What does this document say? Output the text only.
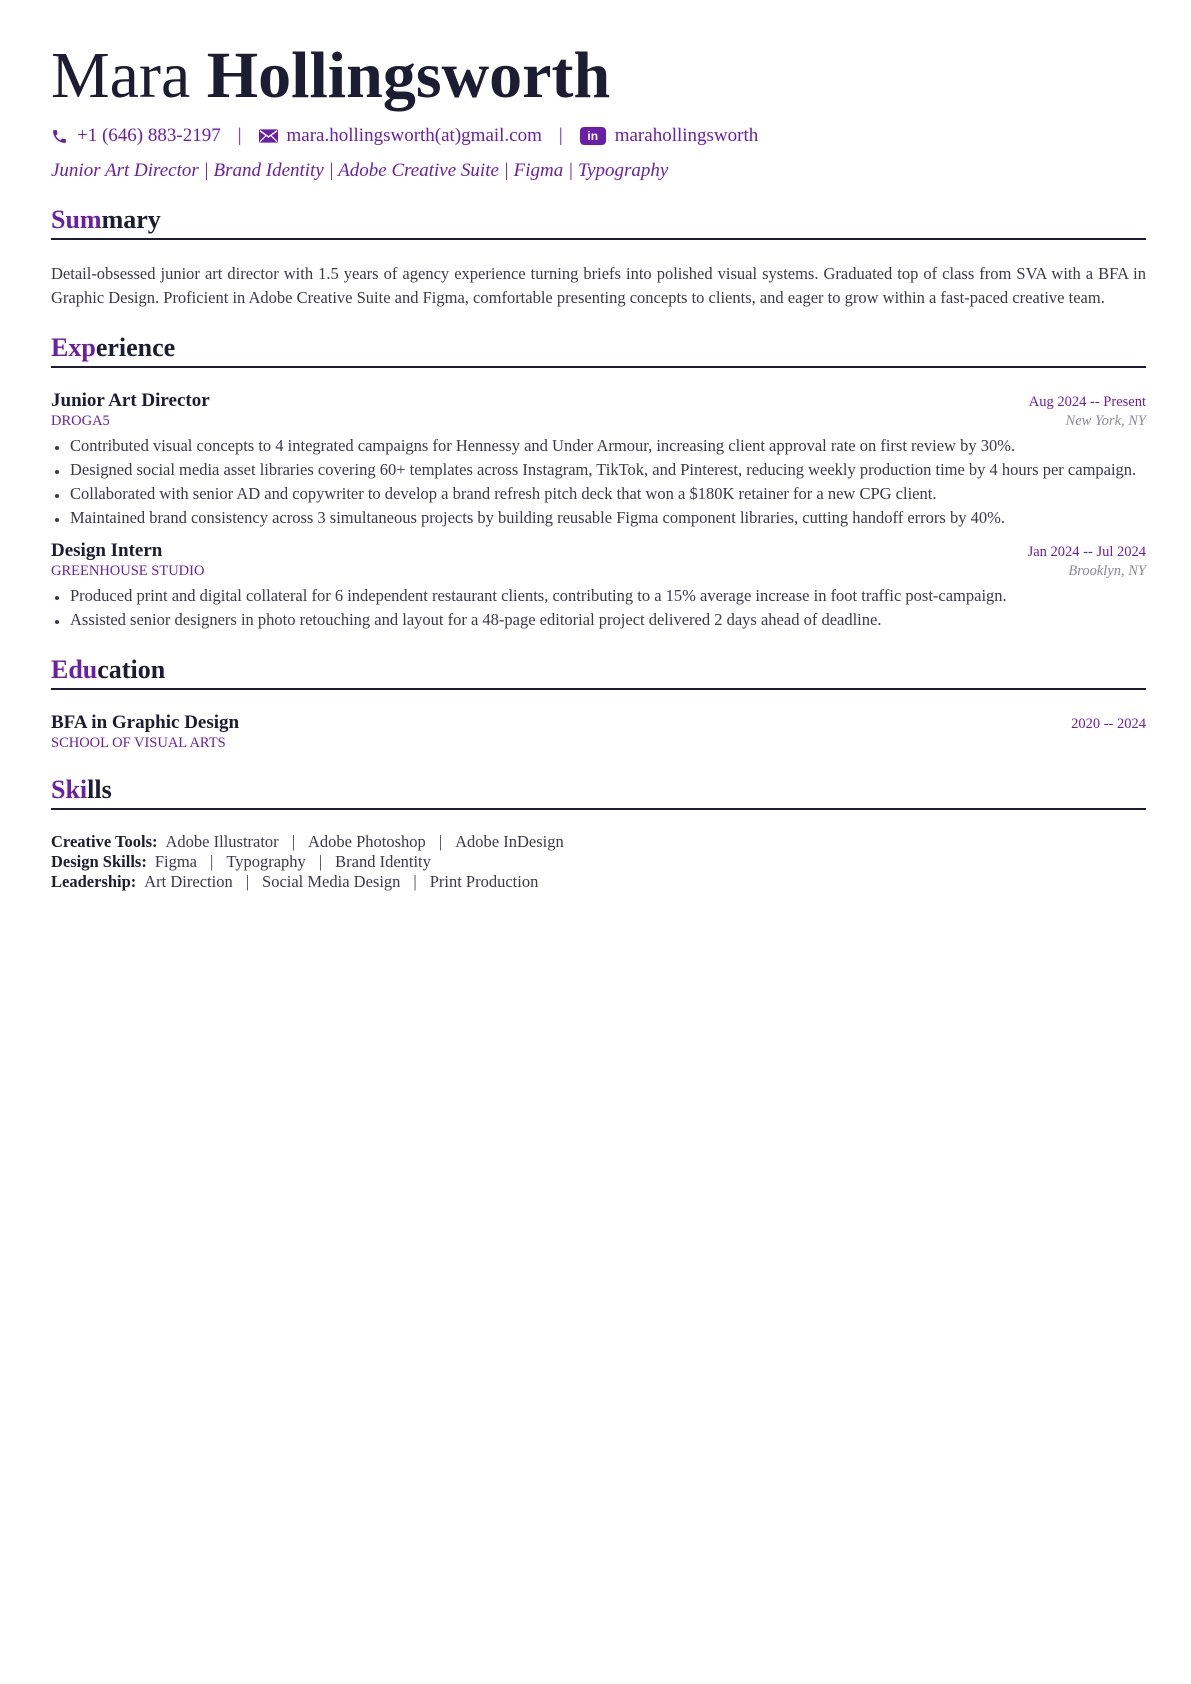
Mara Hollingsworth
+1 (646) 883-2197 | mara.hollingsworth(at)gmail.com |	in marahollingsworth
Junior Art Director | Brand Identity | Adobe Creative Suite | Figma | Typography
Summary
Detail-obsessed junior art director with 1.5 years of agency experience turning briefs into polished visual systems. Graduated top of class from SVA with a BFA in Graphic Design. Proficient in Adobe Creative Suite and Figma, comfortable presenting concepts to clients, and eager to grow within a fast-paced creative team.
Experience
Junior Art Director	Aug 2024 -- Present
DROGA5	New York, NY
• Contributed visual concepts to 4 integrated campaigns for Hennessy and Under Armour, increasing client approval rate on first review by 30%.
• Designed social media asset libraries covering 60+ templates across Instagram, TikTok, and Pinterest, reducing weekly production time by 4 hours per campaign.
• Collaborated with senior AD and copywriter to develop a brand refresh pitch deck that won a $180K retainer for a new CPG client.
• Maintained brand consistency across 3 simultaneous projects by building reusable Figma component libraries, cutting handoff errors by 40%.
Design Intern	Jan 2024 -- Jul 2024
GREENHOUSE STUDIO	Brooklyn, NY
• Produced print and digital collateral for 6 independent restaurant clients, contributing to a 15% average increase in foot traffic post-campaign.
• Assisted senior designers in photo retouching and layout for a 48-page editorial project delivered 2 days ahead of deadline.
Education
BFA in Graphic Design	2020 -- 2024
SCHOOL OF VISUAL ARTS
Skills
Creative Tools: Adobe Illustrator | Adobe Photoshop | Adobe InDesign
Design Skills: Figma | Typography | Brand Identity
Leadership: Art Direction | Social Media Design | Print Production
